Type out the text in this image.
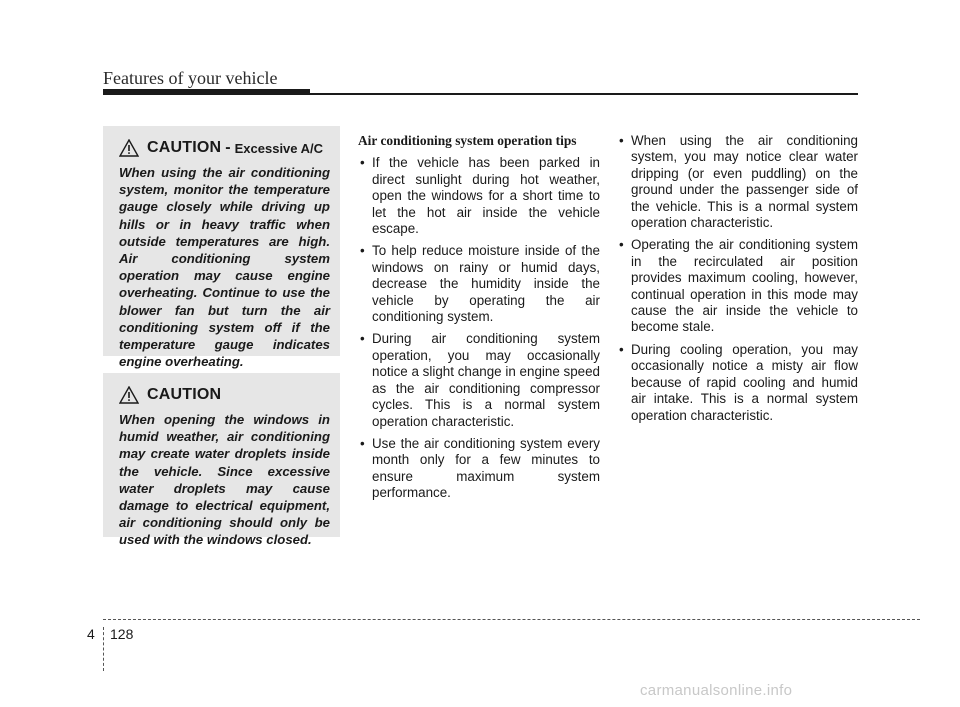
Features of your vehicle
CAUTION - Excessive A/C

When using the air conditioning system, monitor the temperature gauge closely while driving up hills or in heavy traffic when outside temperatures are high. Air conditioning system operation may cause engine overheating. Continue to use the blower fan but turn the air conditioning system off if the temperature gauge indicates engine overheating.

CAUTION

When opening the windows in humid weather, air conditioning may create water droplets inside the vehicle. Since excessive water droplets may cause damage to electrical equipment, air conditioning should only be used with the windows closed.

Air conditioning system operation tips
• If the vehicle has been parked in direct sunlight during hot weather, open the windows for a short time to let the hot air inside the vehicle escape.
• To help reduce moisture inside of the windows on rainy or humid days, decrease the humidity inside the vehicle by operating the air conditioning system.
• During air conditioning system operation, you may occasionally notice a slight change in engine speed as the air conditioning compressor cycles. This is a normal system operation characteristic.
• Use the air conditioning system every month only for a few minutes to ensure maximum system performance.
• When using the air conditioning system, you may notice clear water dripping (or even puddling) on the ground under the passenger side of the vehicle. This is a normal system operation characteristic.
• Operating the air conditioning system in the recirculated air position provides maximum cooling, however, continual operation in this mode may cause the air inside the vehicle to become stale.
• During cooling operation, you may occasionally notice a misty air flow because of rapid cooling and humid air intake. This is a normal system operation characteristic.
4 128
carmanualsonline.info
